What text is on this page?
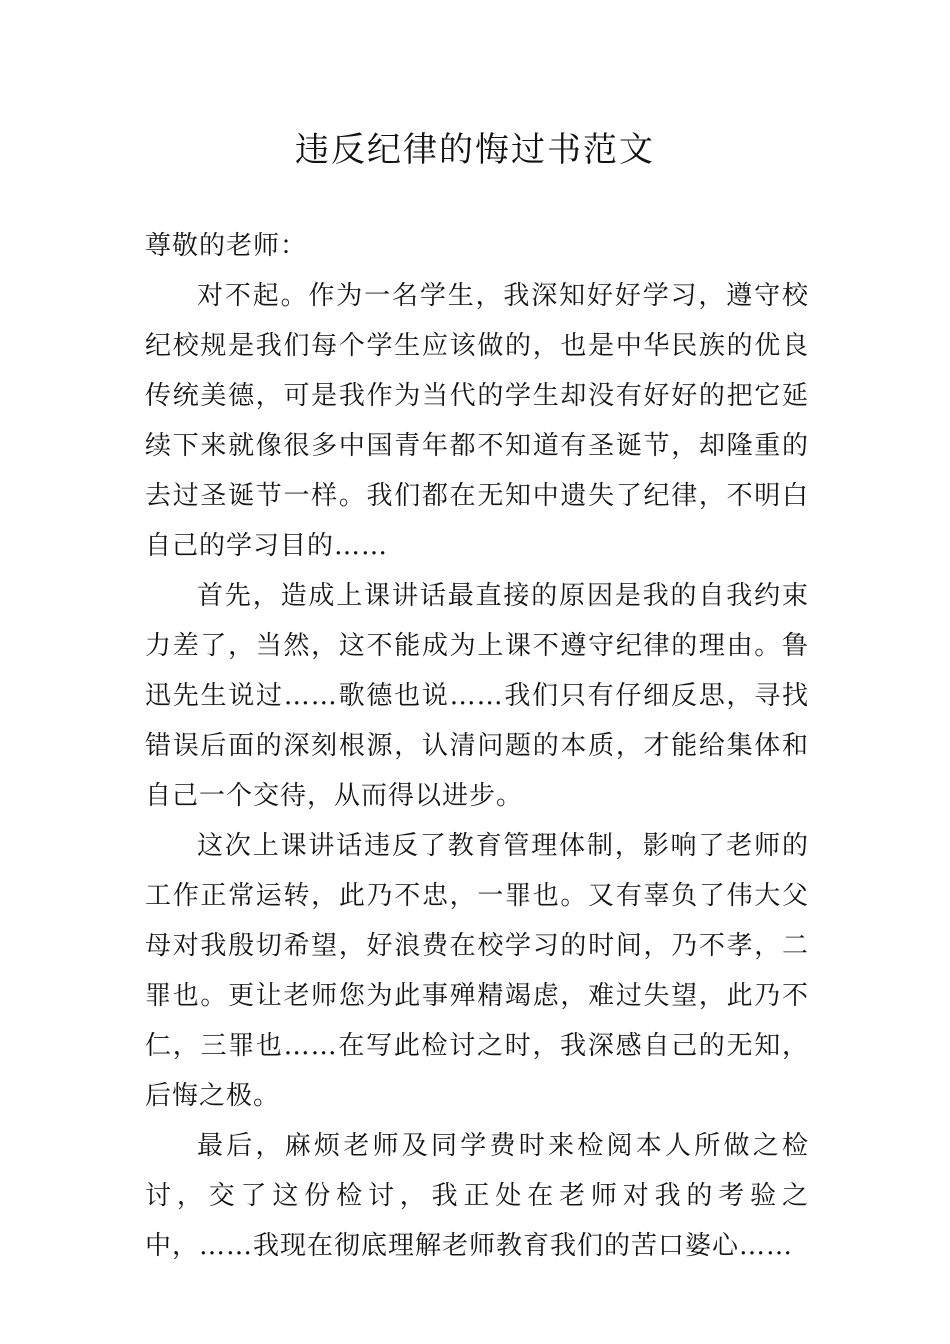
违反纪律的悔过书范文

尊敬的老师：

对不起。作为一名学生，我深知好好学习，遵守校纪校规是我们每个学生应该做的，也是中华民族的优良传统美德，可是我作为当代的学生却没有好好的把它延续下来就像很多中国青年都不知道有圣诞节，却隆重的去过圣诞节一样。我们都在无知中遗失了纪律，不明白自己的学习目的……

首先，造成上课讲话最直接的原因是我的自我约束力差了，当然，这不能成为上课不遵守纪律的理由。鲁迅先生说过……歌德也说……我们只有仔细反思，寻找错误后面的深刻根源，认清问题的本质，才能给集体和自己一个交待，从而得以进步。

这次上课讲话违反了教育管理体制，影响了老师的工作正常运转，此乃不忠，一罪也。又有辜负了伟大父母对我殷切希望，好浪费在校学习的时间，乃不孝，二罪也。更让老师您为此事殚精竭虑，难过失望，此乃不仁，三罪也……在写此检讨之时，我深感自己的无知，后悔之极。

最后，麻烦老师及同学费时来检阅本人所做之检讨，交了这份检讨，我正处在老师对我的考验之中，……我现在彻底理解老师教育我们的苦口婆心……
